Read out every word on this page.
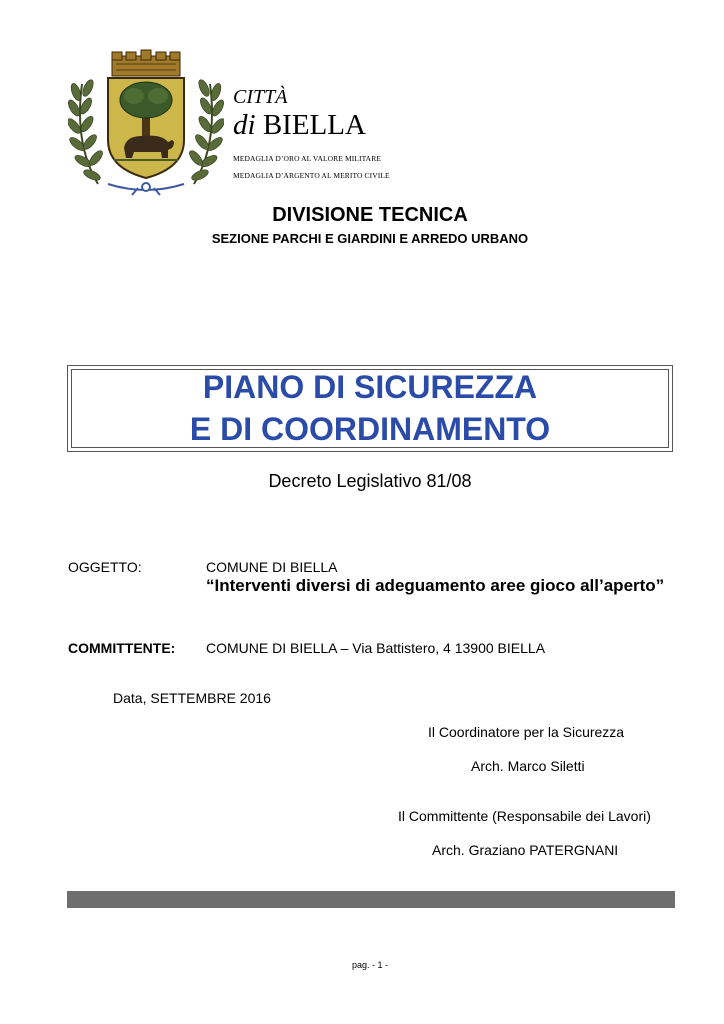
CITTÀ
di BIELLA
MEDAGLIA D’ORO AL VALORE MILITARE
MEDAGLIA D’ARGENTO AL MERITO CIVILE
DIVISIONE TECNICA
SEZIONE PARCHI E GIARDINI E ARREDO URBANO
PIANO DI SICUREZZA
E DI COORDINAMENTO
Decreto Legislativo 81/08
OGGETTO:	COMUNE DI BIELLA
“Interventi diversi di adeguamento aree gioco all’aperto”
COMMITTENTE: COMUNE DI BIELLA – Via Battistero, 4 13900 BIELLA
Data, SETTEMBRE 2016
Il Coordinatore per la Sicurezza
Arch. Marco Siletti
Il Committente (Responsabile dei Lavori)
Arch. Graziano PATERGNANI
pag. - 1 -
